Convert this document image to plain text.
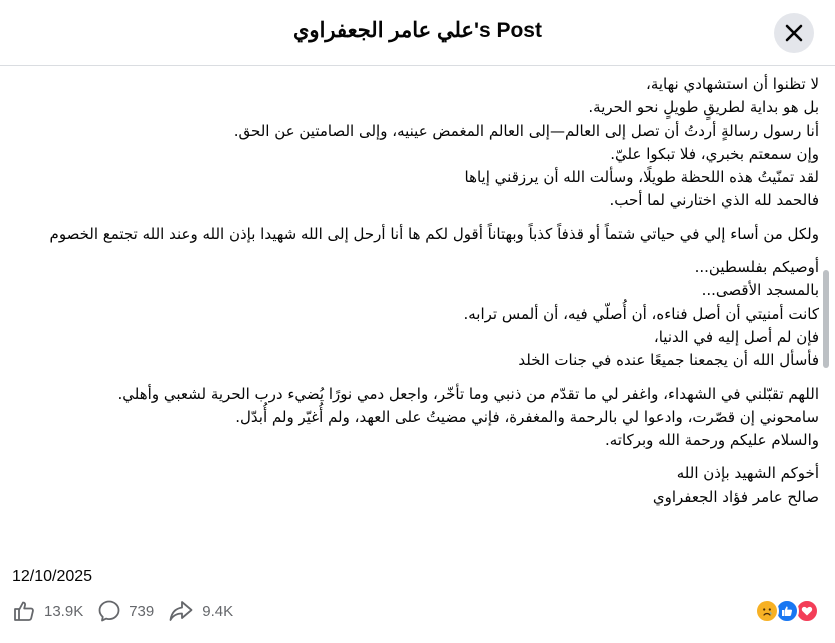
علي عامر الجعفراوي's Post
لا تظنوا أن استشهادي نهاية،
بل هو بداية لطريقٍ طويلٍ نحو الحرية.
أنا رسول رسالةٍ أردتُ أن تصل إلى العالم—إلى العالم المغمض عينيه، وإلى الصامتين عن الحق.
وإن سمعتم بخبري، فلا تبكوا عليّ.
لقد تمنّيتُ هذه اللحظة طويلًا، وسألت الله أن يرزقني إياها
فالحمد لله الذي اختارني لما أحب.
ولكل من أساء إلي في حياتي شتماً أو قذفاً كذباً وبهتاناً أقول لكم ها أنا أرحل إلى الله شهيدا بإذن الله وعند الله تجتمع الخصوم
أوصيكم بفلسطين...
بالمسجد الأقصى...
كانت أمنيتي أن أصل فناءه، أن أُصلّي فيه، أن ألمس ترابه.
فإن لم أصل إليه في الدنيا،
فأسأل الله أن يجمعنا جميعًا عنده في جنات الخلد
اللهم تقبّلني في الشهداء، واغفر لي ما تقدّم من ذنبي وما تأخّر، واجعل دمي نورًا يُضيء درب الحرية لشعبي وأهلي.
سامحوني إن قصّرت، وادعوا لي بالرحمة والمغفرة، فإني مضيتُ على العهد، ولم أُغيّر ولم أُبدّل.
والسلام عليكم ورحمة الله وبركاته.
أخوكم الشهيد بإذن الله
صالح عامر فؤاد الجعفراوي
12/10/2025
13.9K	739	9.4K
